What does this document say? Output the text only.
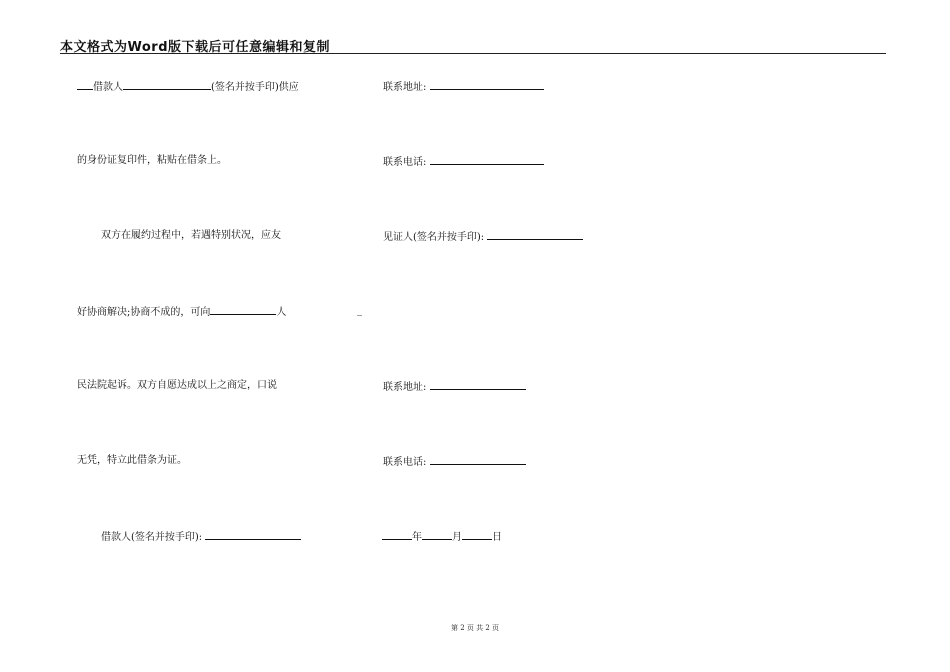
本文格式为Word版下载后可任意编辑和复制
借款人	(签名并按手印)供应
的身份证复印件，粘贴在借条上。
双方在履约过程中，若遇特别状况，应友
好协商解决;协商不成的，可向	人
民法院起诉。双方自愿达成以上之商定，口说
无凭，特立此借条为证。
借款人(签名并按手印):
_
联系地址:
联系电话:
见证人(签名并按手印):
联系地址:
联系电话:
年	月	日
第 2 页 共 2 页
